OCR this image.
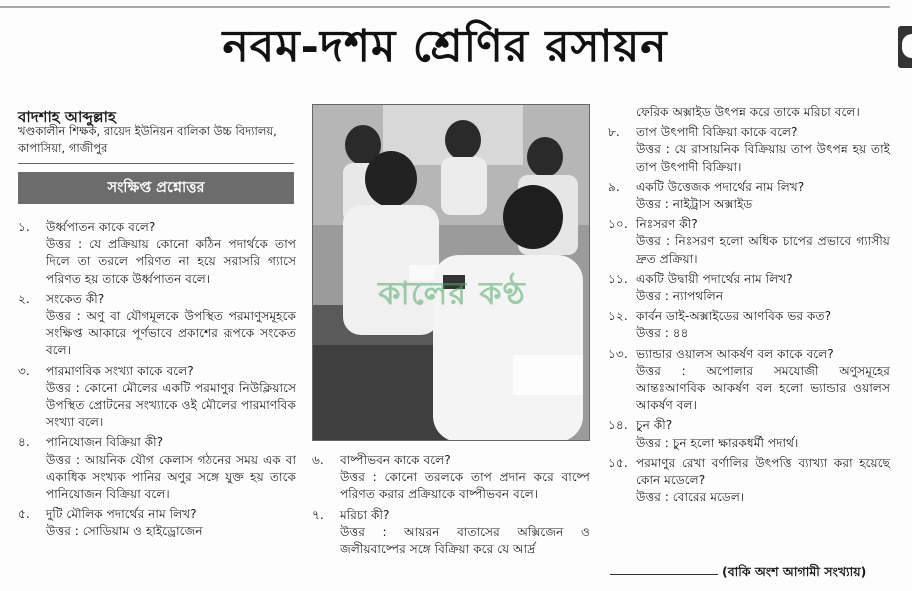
নবম-দশম শ্রেণির রসায়ন
বাদশাহ আব্দুল্লাহ
খণ্ডকালীন শিক্ষক, রায়েদ ইউনিয়ন বালিকা উচ্চ বিদ্যালয়, কাপাসিয়া, গাজীপুর
সংক্ষিপ্ত প্রশ্নোত্তর
১.	উর্ধ্বপাতন কাকে বলে?
উত্তর : যে প্রক্রিয়ায় কোনো কঠিন পদার্থকে তাপ দিলে তা তরলে পরিণত না হয়ে সরাসরি গ্যাসে পরিণত হয় তাকে উর্ধ্বপাতন বলে।
২.	সংকেত কী?
উত্তর : অণু বা যৌগমূলকে উপস্থিত পরমাণুসমূহকে সংক্ষিপ্ত আকারে পূর্ণভাবে প্রকাশের রূপকে সংকেত বলে।
৩.	পারমাণবিক সংখ্যা কাকে বলে?
উত্তর : কোনো মৌলের একটি পরমাণুর নিউক্লিয়াসে উপস্থিত প্রোটনের সংখ্যাকে ওই মৌলের পারমাণবিক সংখ্যা বলে।
৪.	পানিযোজন বিক্রিয়া কী?
উত্তর : আয়নিক যৌগ কেলাস গঠনের সময় এক বা একাধিক সংখ্যক পানির অণুর সঙ্গে যুক্ত হয় তাকে পানিযোজন বিক্রিয়া বলে।
৫.	দুটি মৌলিক পদার্থের নাম লিখ?
উত্তর : সোডিয়াম ও হাইড্রোজেন
কালের কণ্ঠ
৬.	বাষ্পীভবন কাকে বলে?
উত্তর : কোনো তরলকে তাপ প্রদান করে বাষ্পে পরিণত করার প্রক্রিয়াকে বাষ্পীভবন বলে।
৭.	মরিচা কী?
উত্তর : আয়রন বাতাসের অক্সিজেন ও জলীয়বাষ্পের সঙ্গে বিক্রিয়া করে যে আর্দ্র
ফেরিক অক্সাইড উৎপন্ন করে তাকে মরিচা বলে।
৮.	তাপ উৎপাদী বিক্রিয়া কাকে বলে?
উত্তর : যে রাসায়নিক বিক্রিয়ায় তাপ উৎপন্ন হয় তাই তাপ উৎপাদী বিক্রিয়া।
৯.	একটি উত্তেজক পদার্থের নাম লিখ?
উত্তর : নাইট্রাস অক্সাইড
১০. নিঃসরণ কী?
উত্তর : নিঃসরণ হলো অধিক চাপের প্রভাবে গ্যাসীয় দ্রুত প্রক্রিয়া।
১১. একটি উদ্বায়ী পদার্থের নাম লিখ?
উত্তর : ন্যাপথলিন
১২. কার্বন ডাই-অক্সাইডের আণবিক ভর কত?
উত্তর : ৪৪
১৩. ভ্যান্ডার ওয়ালস আকর্ষণ বল কাকে বলে?
উত্তর : অপোলার সমযোজী অণুসমূহের আন্তঃআণবিক আকর্ষণ বল হলো ভ্যান্ডার ওয়ালস আকর্ষণ বল।
১৪. চুন কী?
উত্তর : চুন হলো ক্ষারকধর্মী পদার্থ।
১৫. পরমাণুর রেখা বর্ণালির উৎপত্তি ব্যাখ্যা করা হয়েছে কোন মডেলে?
উত্তর : বোরের মডেল।
(বাকি অংশ আগামী সংখ্যায়)
